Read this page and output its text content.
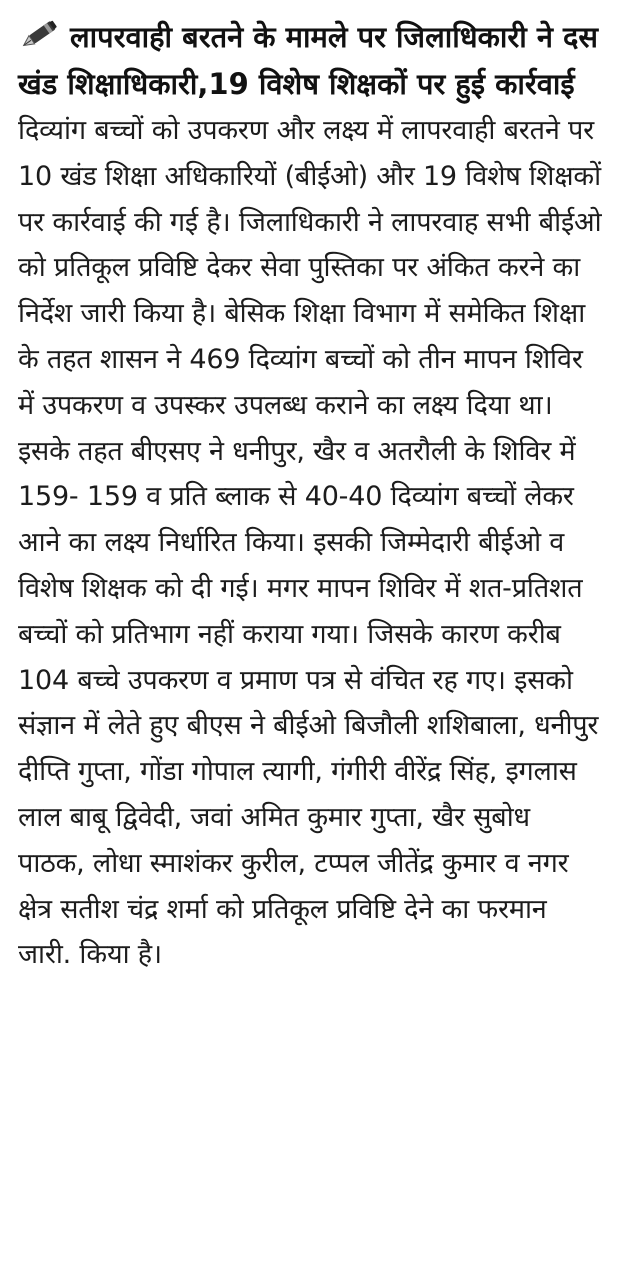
लापरवाही बरतने के मामले पर जिलाधिकारी ने दस खंड शिक्षाधिकारी,19 विशेष शिक्षकों पर हुई कार्रवाई

दिव्यांग बच्चों को उपकरण और लक्ष्य में लापरवाही बरतने पर 10 खंड शिक्षा अधिकारियों (बीईओ) और 19 विशेष शिक्षकों पर कार्रवाई की गई है। जिलाधिकारी ने लापरवाह सभी बीईओ को प्रतिकूल प्रविष्टि देकर सेवा पुस्तिका पर अंकित करने का निर्देश जारी किया है। बेसिक शिक्षा विभाग में समेकित शिक्षा के तहत शासन ने 469 दिव्यांग बच्चों को तीन मापन शिविर में उपकरण व उपस्कर उपलब्ध कराने का लक्ष्य दिया था। इसके तहत बीएसए ने धनीपुर, खैर व अतरौली के शिविर में 159- 159 व प्रति ब्लाक से 40-40 दिव्यांग बच्चों लेकर आने का लक्ष्य निर्धारित किया। इसकी जिम्मेदारी बीईओ व विशेष शिक्षक को दी गई। मगर मापन शिविर में शत-प्रतिशत बच्चों को प्रतिभाग नहीं कराया गया। जिसके कारण करीब 104 बच्चे उपकरण व प्रमाण पत्र से वंचित रह गए। इसको संज्ञान में लेते हुए बीएस ने बीईओ बिजौली शशिबाला, धनीपुर दीप्ति गुप्ता, गोंडा गोपाल त्यागी, गंगीरी वीरेंद्र सिंह, इगलास लाल बाबू द्विवेदी, जवां अमित कुमार गुप्ता, खैर सुबोध पाठक, लोधा स्माशंकर कुरील, टप्पल जीतेंद्र कुमार व नगर क्षेत्र सतीश चंद्र शर्मा को प्रतिकूल प्रविष्टि देने का फरमान जारी. किया है।
